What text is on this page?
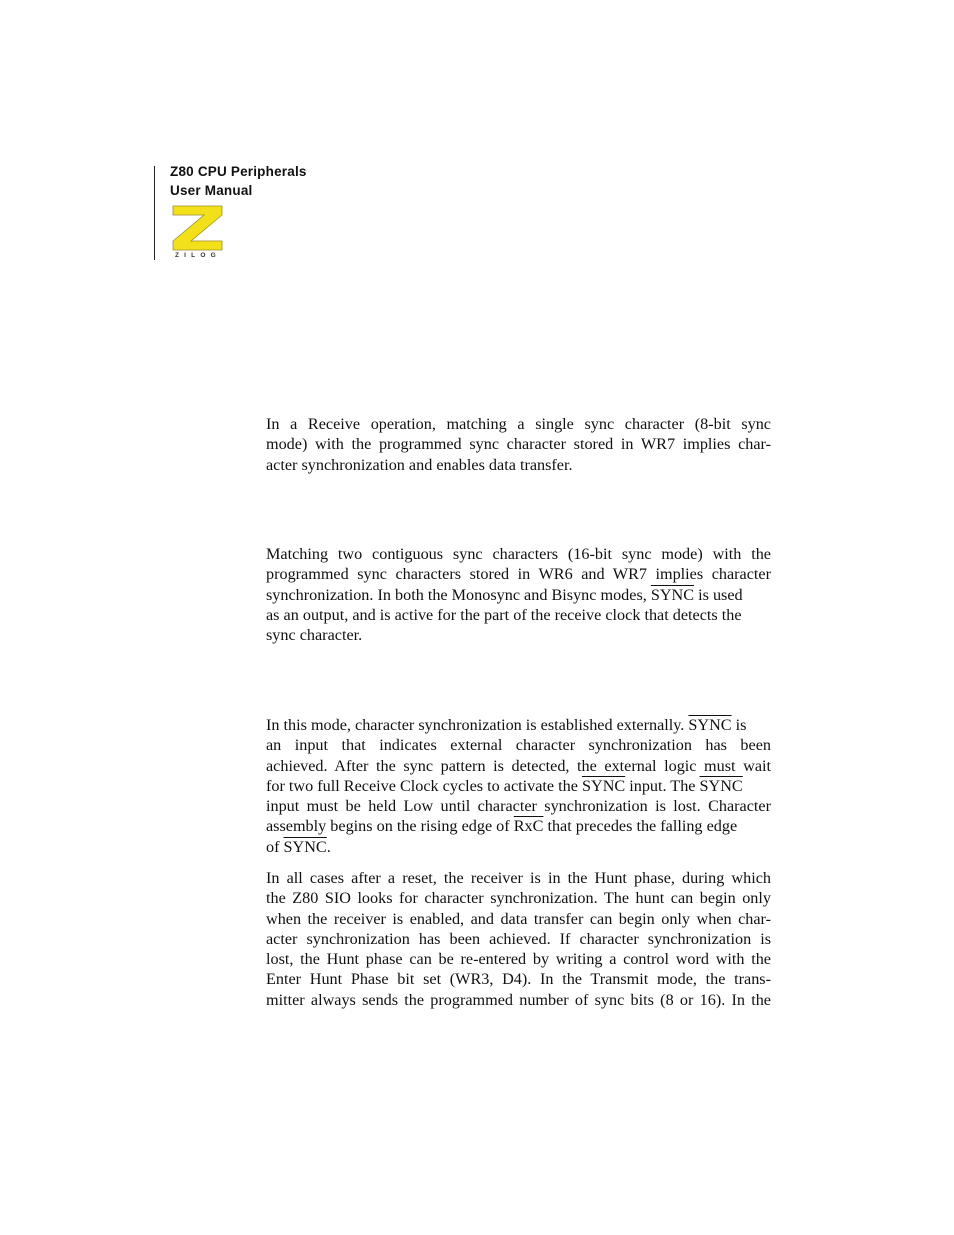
Z80 CPU Peripherals
User Manual
ZILOG
In a Receive operation, matching a single sync character (8-bit sync
mode) with the programmed sync character stored in WR7 implies char-
acter synchronization and enables data transfer.
Matching two contiguous sync characters (16-bit sync mode) with the
programmed sync characters stored in WR6 and WR7 implies character
synchronization. In both the Monosync and Bisync modes, SYNC is used
as an output, and is active for the part of the receive clock that detects the
sync character.
In this mode, character synchronization is established externally. SYNC is
an input that indicates external character synchronization has been
achieved. After the sync pattern is detected, the external logic must wait
for two full Receive Clock cycles to activate the SYNC input. The SYNC
input must be held Low until character synchronization is lost. Character
assembly begins on the rising edge of $\overline{RxC}$ that precedes the falling edge
of SYNC.
In all cases after a reset, the receiver is in the Hunt phase, during which
the Z80 SIO looks for character synchronization. The hunt can begin only
when the receiver is enabled, and data transfer can begin only when char-
acter synchronization has been achieved. If character synchronization is
lost, the Hunt phase can be re-entered by writing a control word with the
Enter Hunt Phase bit set (WR3, D4). In the Transmit mode, the trans-
mitter always sends the programmed number of sync bits (8 or 16). In the
